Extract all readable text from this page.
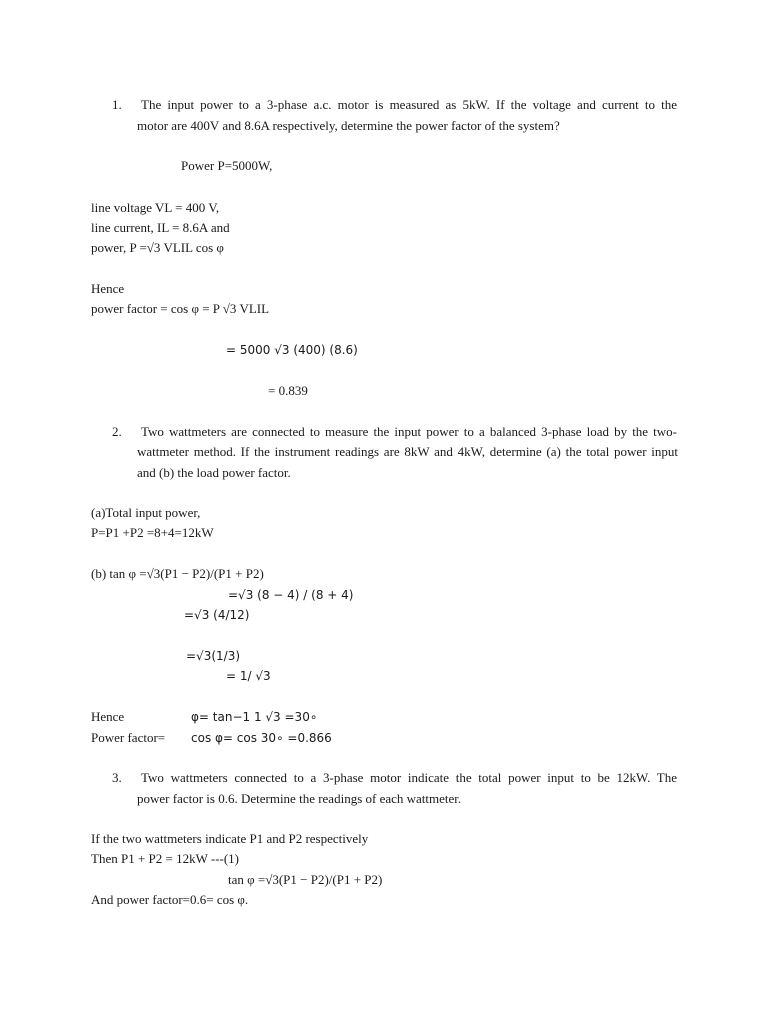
1. The input power to a 3-phase a.c. motor is measured as 5kW. If the voltage and current to the
motor are 400V and 8.6A respectively, determine the power factor of the system?
Power P=5000W,
line voltage VL = 400 V,
line current, IL = 8.6A and
power, P =√3 VLIL cos φ
Hence
power factor = cos φ = P √3 VLIL
= 5000 √3 (400) (8.6)
= 0.839
2. Two wattmeters are connected to measure the input power to a balanced 3-phase load by the two-
wattmeter method. If the instrument readings are 8kW and 4kW, determine (a) the total power input
and (b) the load power factor.
(a)Total input power,
P=P1 +P2 =8+4=12kW
(b) tan φ =√3(P1 − P2)/(P1 + P2)
=√3 (8 − 4) / (8 + 4)
=√3 (4/12)
=√3(1/3)
= 1/ √3
Hence	φ= tan−1 1 √3 =30∘
Power factor= cos φ= cos 30∘ =0.866
3. Two wattmeters connected to a 3-phase motor indicate the total power input to be 12kW. The
power factor is 0.6. Determine the readings of each wattmeter.
If the two wattmeters indicate P1 and P2 respectively
Then P1 + P2 = 12kW ---(1)
tan φ =√3(P1 − P2)/(P1 + P2)
And power factor=0.6= cos φ.
